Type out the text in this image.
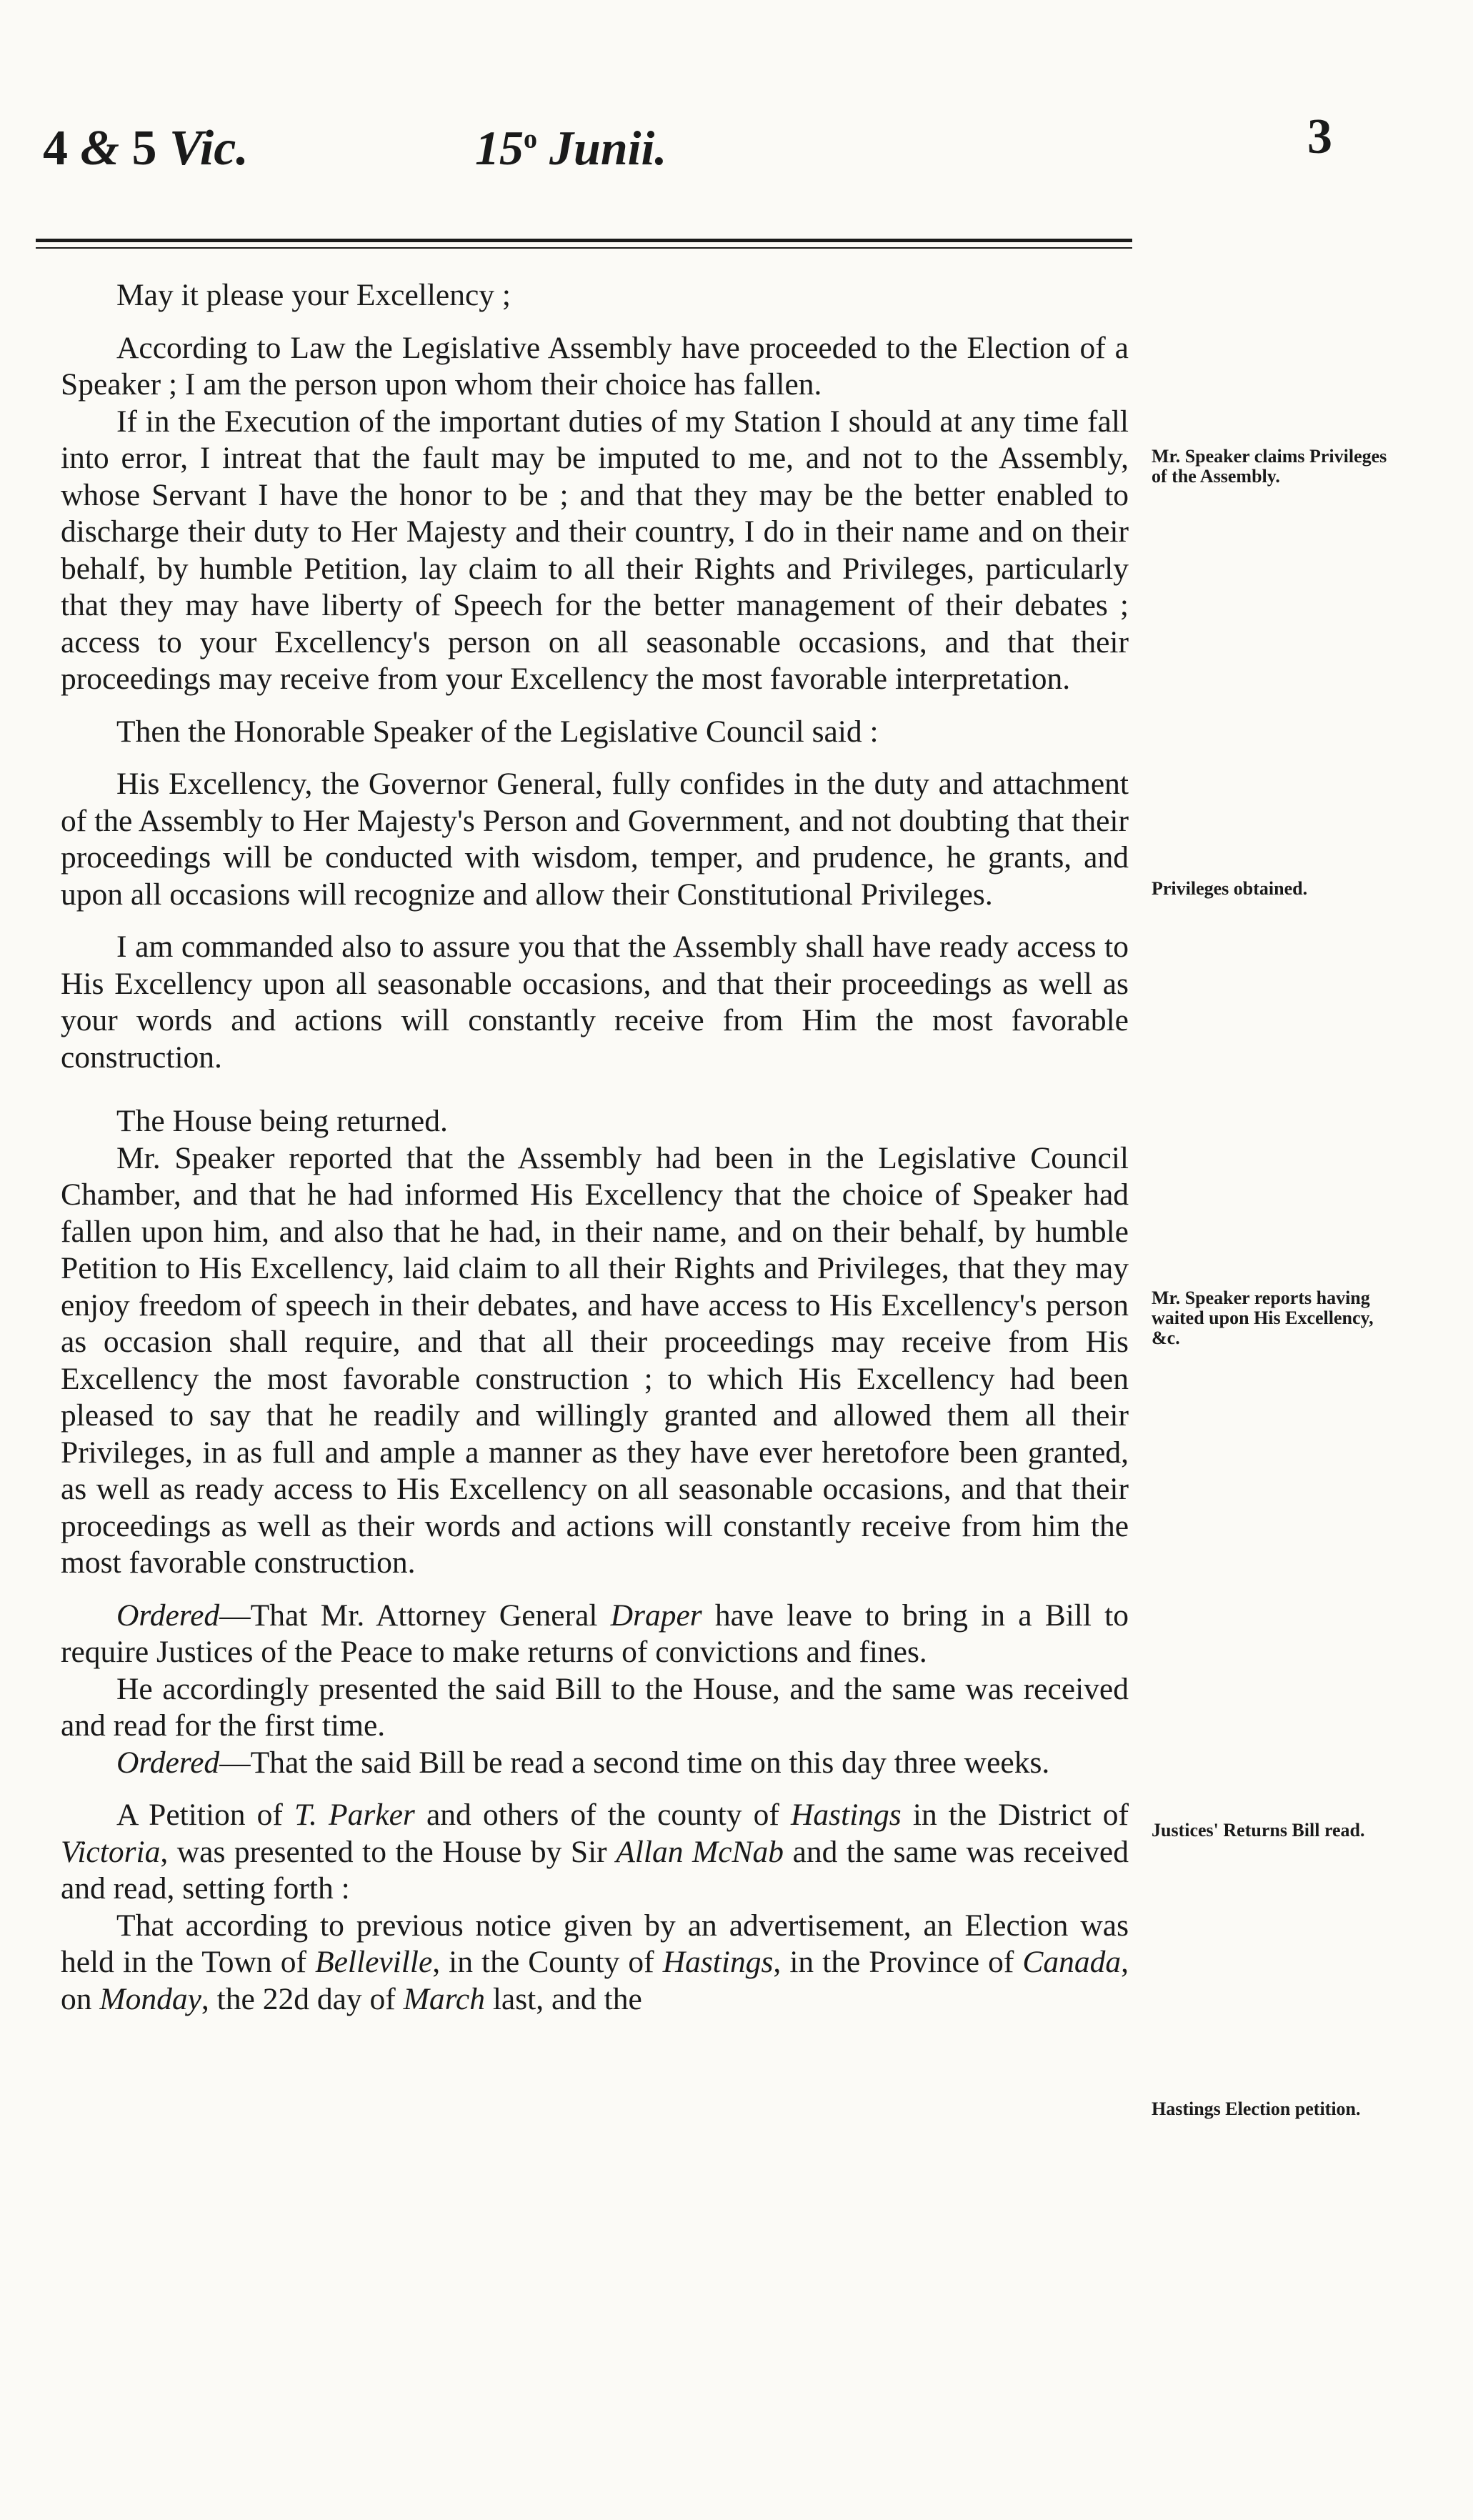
4 & 5 Vic.	15$^o$ Junii.	3

May it please your Excellency ;

According to Law the Legislative Assembly have proceeded to the Election of a Speaker ; I am the person upon whom their choice has fallen.

If in the Execution of the important duties of my Station I should at any time fall into error, I intreat that the fault may be imputed to me, and not to the Assembly, whose Servant I have the honor to be ; and that they may be the better enabled to discharge their duty to Her Majesty and their country, I do in their name and on their behalf, by humble Petition, lay claim to all their Rights and Privileges, particularly that they may have liberty of Speech for the better management of their debates ; access to your Excellency's person on all seasonable occasions, and that their proceedings may receive from your Excellency the most favorable interpretation.

Then the Honorable Speaker of the Legislative Council said :

His Excellency, the Governor General, fully confides in the duty and attachment of the Assembly to Her Majesty's Person and Government, and not doubting that their proceedings will be conducted with wisdom, temper, and prudence, he grants, and upon all occasions will recognize and allow their Constitutional Privileges.

I am commanded also to assure you that the Assembly shall have ready access to His Excellency upon all seasonable occasions, and that their proceedings as well as your words and actions will constantly receive from Him the most favorable construction.

The House being returned.

Mr. Speaker reported that the Assembly had been in the Legislative Council Chamber, and that he had informed His Excellency that the choice of Speaker had fallen upon him, and also that he had, in their name, and on their behalf, by humble Petition to His Excellency, laid claim to all their Rights and Privileges, that they may enjoy freedom of speech in their debates, and have access to His Excellency's person as occasion shall require, and that all their proceedings may receive from His Excellency the most favorable construction ; to which His Excellency had been pleased to say that he readily and willingly granted and allowed them all their Privileges, in as full and ample a manner as they have ever heretofore been granted, as well as ready access to His Excellency on all seasonable occasions, and that their proceedings as well as their words and actions will constantly receive from him the most favorable construction.

Ordered—That Mr. Attorney General Draper have leave to bring in a Bill to require Justices of the Peace to make returns of convictions and fines.

He accordingly presented the said Bill to the House, and the same was received and read for the first time.

Ordered—That the said Bill be read a second time on this day three weeks.

A Petition of T. Parker and others of the county of Hastings in the District of Victoria, was presented to the House by Sir Allan McNab and the same was received and read, setting forth :

That according to previous notice given by an advertisement, an Election was held in the Town of Belleville, in the County of Hastings, in the Province of Canada, on Monday, the 22d day of March last, and the

Mr. Speaker claims Privileges of the Assembly.
Privileges obtained.
Mr. Speaker reports having waited upon His Excellency, &c.
Justices' Returns Bill read.
Hastings Election petition.
